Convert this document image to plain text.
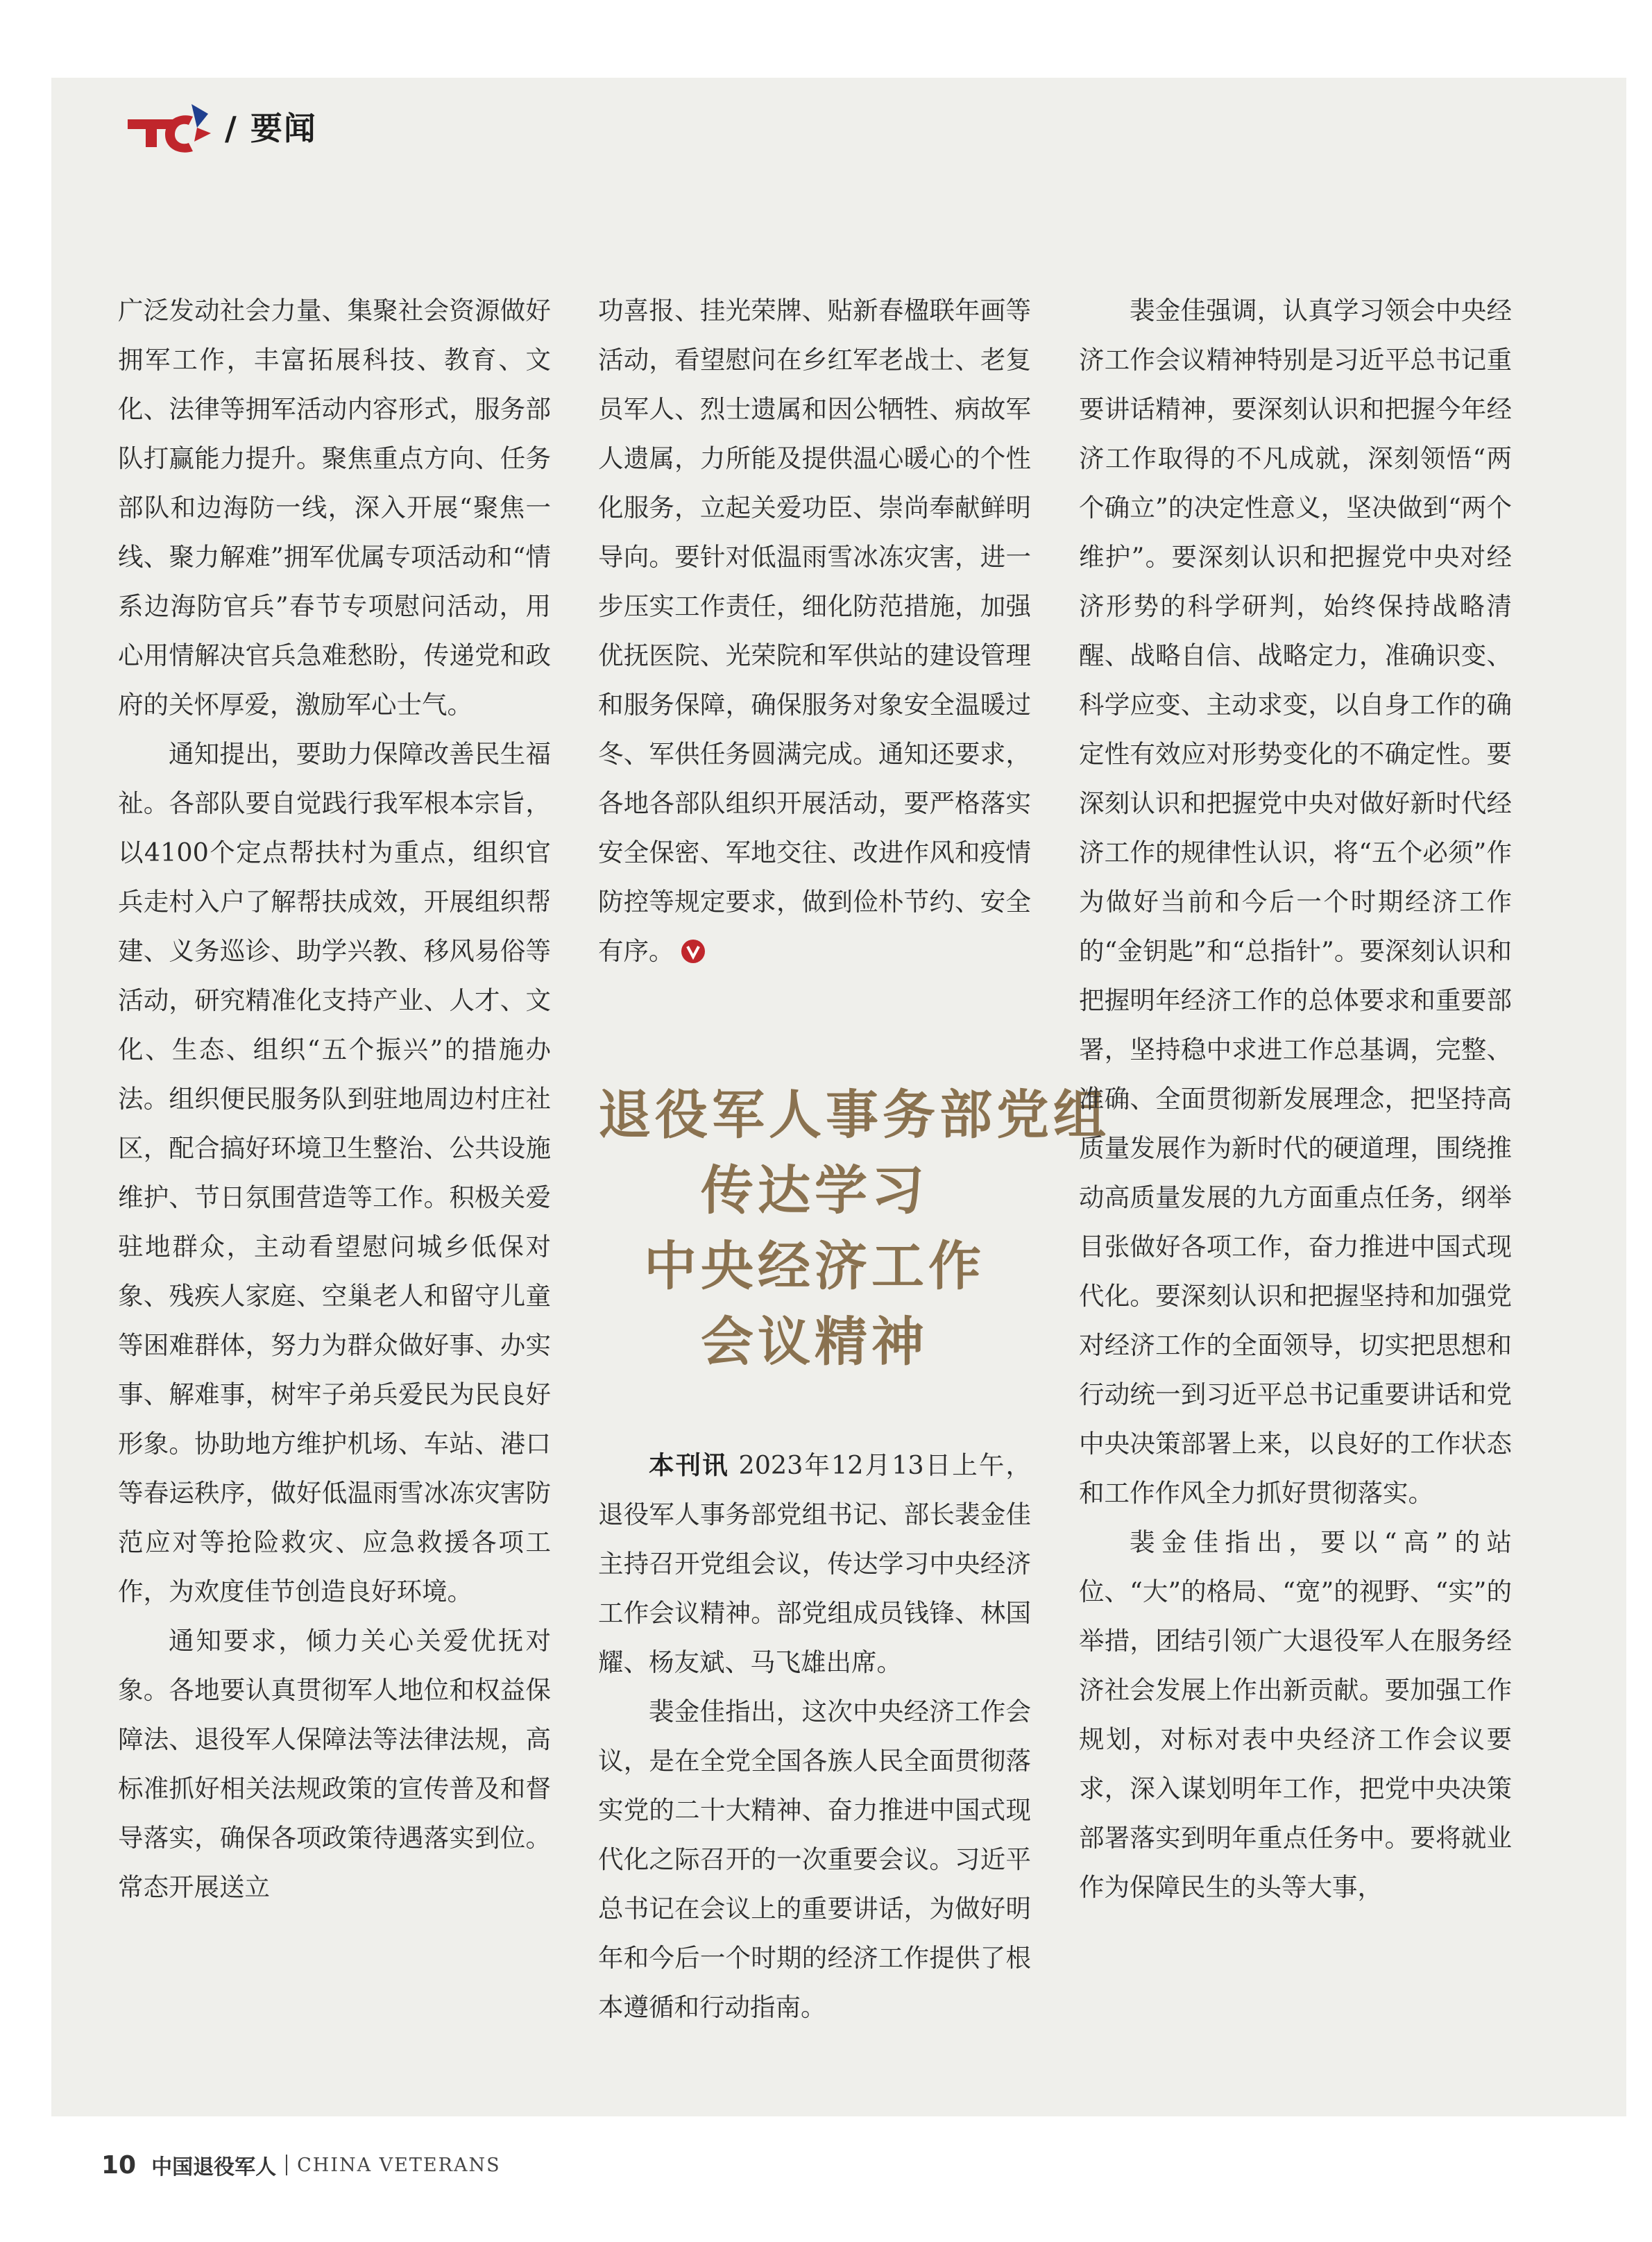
/ 要闻

广泛发动社会力量、集聚社会资源做好拥军工作，丰富拓展科技、教育、文化、法律等拥军活动内容形式，服务部队打赢能力提升。聚焦重点方向、任务部队和边海防一线，深入开展“聚焦一线、聚力解难”拥军优属专项活动和“情系边海防官兵”春节专项慰问活动，用心用情解决官兵急难愁盼，传递党和政府的关怀厚爱，激励军心士气。

通知提出，要助力保障改善民生福祉。各部队要自觉践行我军根本宗旨，以4100个定点帮扶村为重点，组织官兵走村入户了解帮扶成效，开展组织帮建、义务巡诊、助学兴教、移风易俗等活动，研究精准化支持产业、人才、文化、生态、组织“五个振兴”的措施办法。组织便民服务队到驻地周边村庄社区，配合搞好环境卫生整治、公共设施维护、节日氛围营造等工作。积极关爱驻地群众，主动看望慰问城乡低保对象、残疾人家庭、空巢老人和留守儿童等困难群体，努力为群众做好事、办实事、解难事，树牢子弟兵爱民为民良好形象。协助地方维护机场、车站、港口等春运秩序，做好低温雨雪冰冻灾害防范应对等抢险救灾、应急救援各项工作，为欢度佳节创造良好环境。

通知要求，倾力关心关爱优抚对象。各地要认真贯彻军人地位和权益保障法、退役军人保障法等法律法规，高标准抓好相关法规政策的宣传普及和督导落实，确保各项政策待遇落实到位。常态开展送立

功喜报、挂光荣牌、贴新春楹联年画等活动，看望慰问在乡红军老战士、老复员军人、烈士遗属和因公牺牲、病故军人遗属，力所能及提供温心暖心的个性化服务，立起关爱功臣、崇尚奉献鲜明导向。要针对低温雨雪冰冻灾害，进一步压实工作责任，细化防范措施，加强优抚医院、光荣院和军供站的建设管理和服务保障，确保服务对象安全温暖过冬、军供任务圆满完成。通知还要求，各地各部队组织开展活动，要严格落实安全保密、军地交往、改进作风和疫情防控等规定要求，做到俭朴节约、安全有序。

退役军人事务部党组
传达学习
中央经济工作
会议精神

本刊讯 2023年12月13日上午，退役军人事务部党组书记、部长裴金佳主持召开党组会议，传达学习中央经济工作会议精神。部党组成员钱锋、林国耀、杨友斌、马飞雄出席。

裴金佳指出，这次中央经济工作会议，是在全党全国各族人民全面贯彻落实党的二十大精神、奋力推进中国式现代化之际召开的一次重要会议。习近平总书记在会议上的重要讲话，为做好明年和今后一个时期的经济工作提供了根本遵循和行动指南。

裴金佳强调，认真学习领会中央经济工作会议精神特别是习近平总书记重要讲话精神，要深刻认识和把握今年经济工作取得的不凡成就，深刻领悟“两个确立”的决定性意义，坚决做到“两个维护”。要深刻认识和把握党中央对经济形势的科学研判，始终保持战略清醒、战略自信、战略定力，准确识变、科学应变、主动求变，以自身工作的确定性有效应对形势变化的不确定性。要深刻认识和把握党中央对做好新时代经济工作的规律性认识，将“五个必须”作为做好当前和今后一个时期经济工作的“金钥匙”和“总指针”。要深刻认识和把握明年经济工作的总体要求和重要部署，坚持稳中求进工作总基调，完整、准确、全面贯彻新发展理念，把坚持高质量发展作为新时代的硬道理，围绕推动高质量发展的九方面重点任务，纲举目张做好各项工作，奋力推进中国式现代化。要深刻认识和把握坚持和加强党对经济工作的全面领导，切实把思想和行动统一到习近平总书记重要讲话和党中央决策部署上来，以良好的工作状态和工作作风全力抓好贯彻落实。

裴金佳指出，要以“高”的站位、“大”的格局、“宽”的视野、“实”的举措，团结引领广大退役军人在服务经济社会发展上作出新贡献。要加强工作规划，对标对表中央经济工作会议要求，深入谋划明年工作，把党中央决策部署落实到明年重点任务中。要将就业作为保障民生的头等大事，

10 中国退役军人 CHINA VETERANS
